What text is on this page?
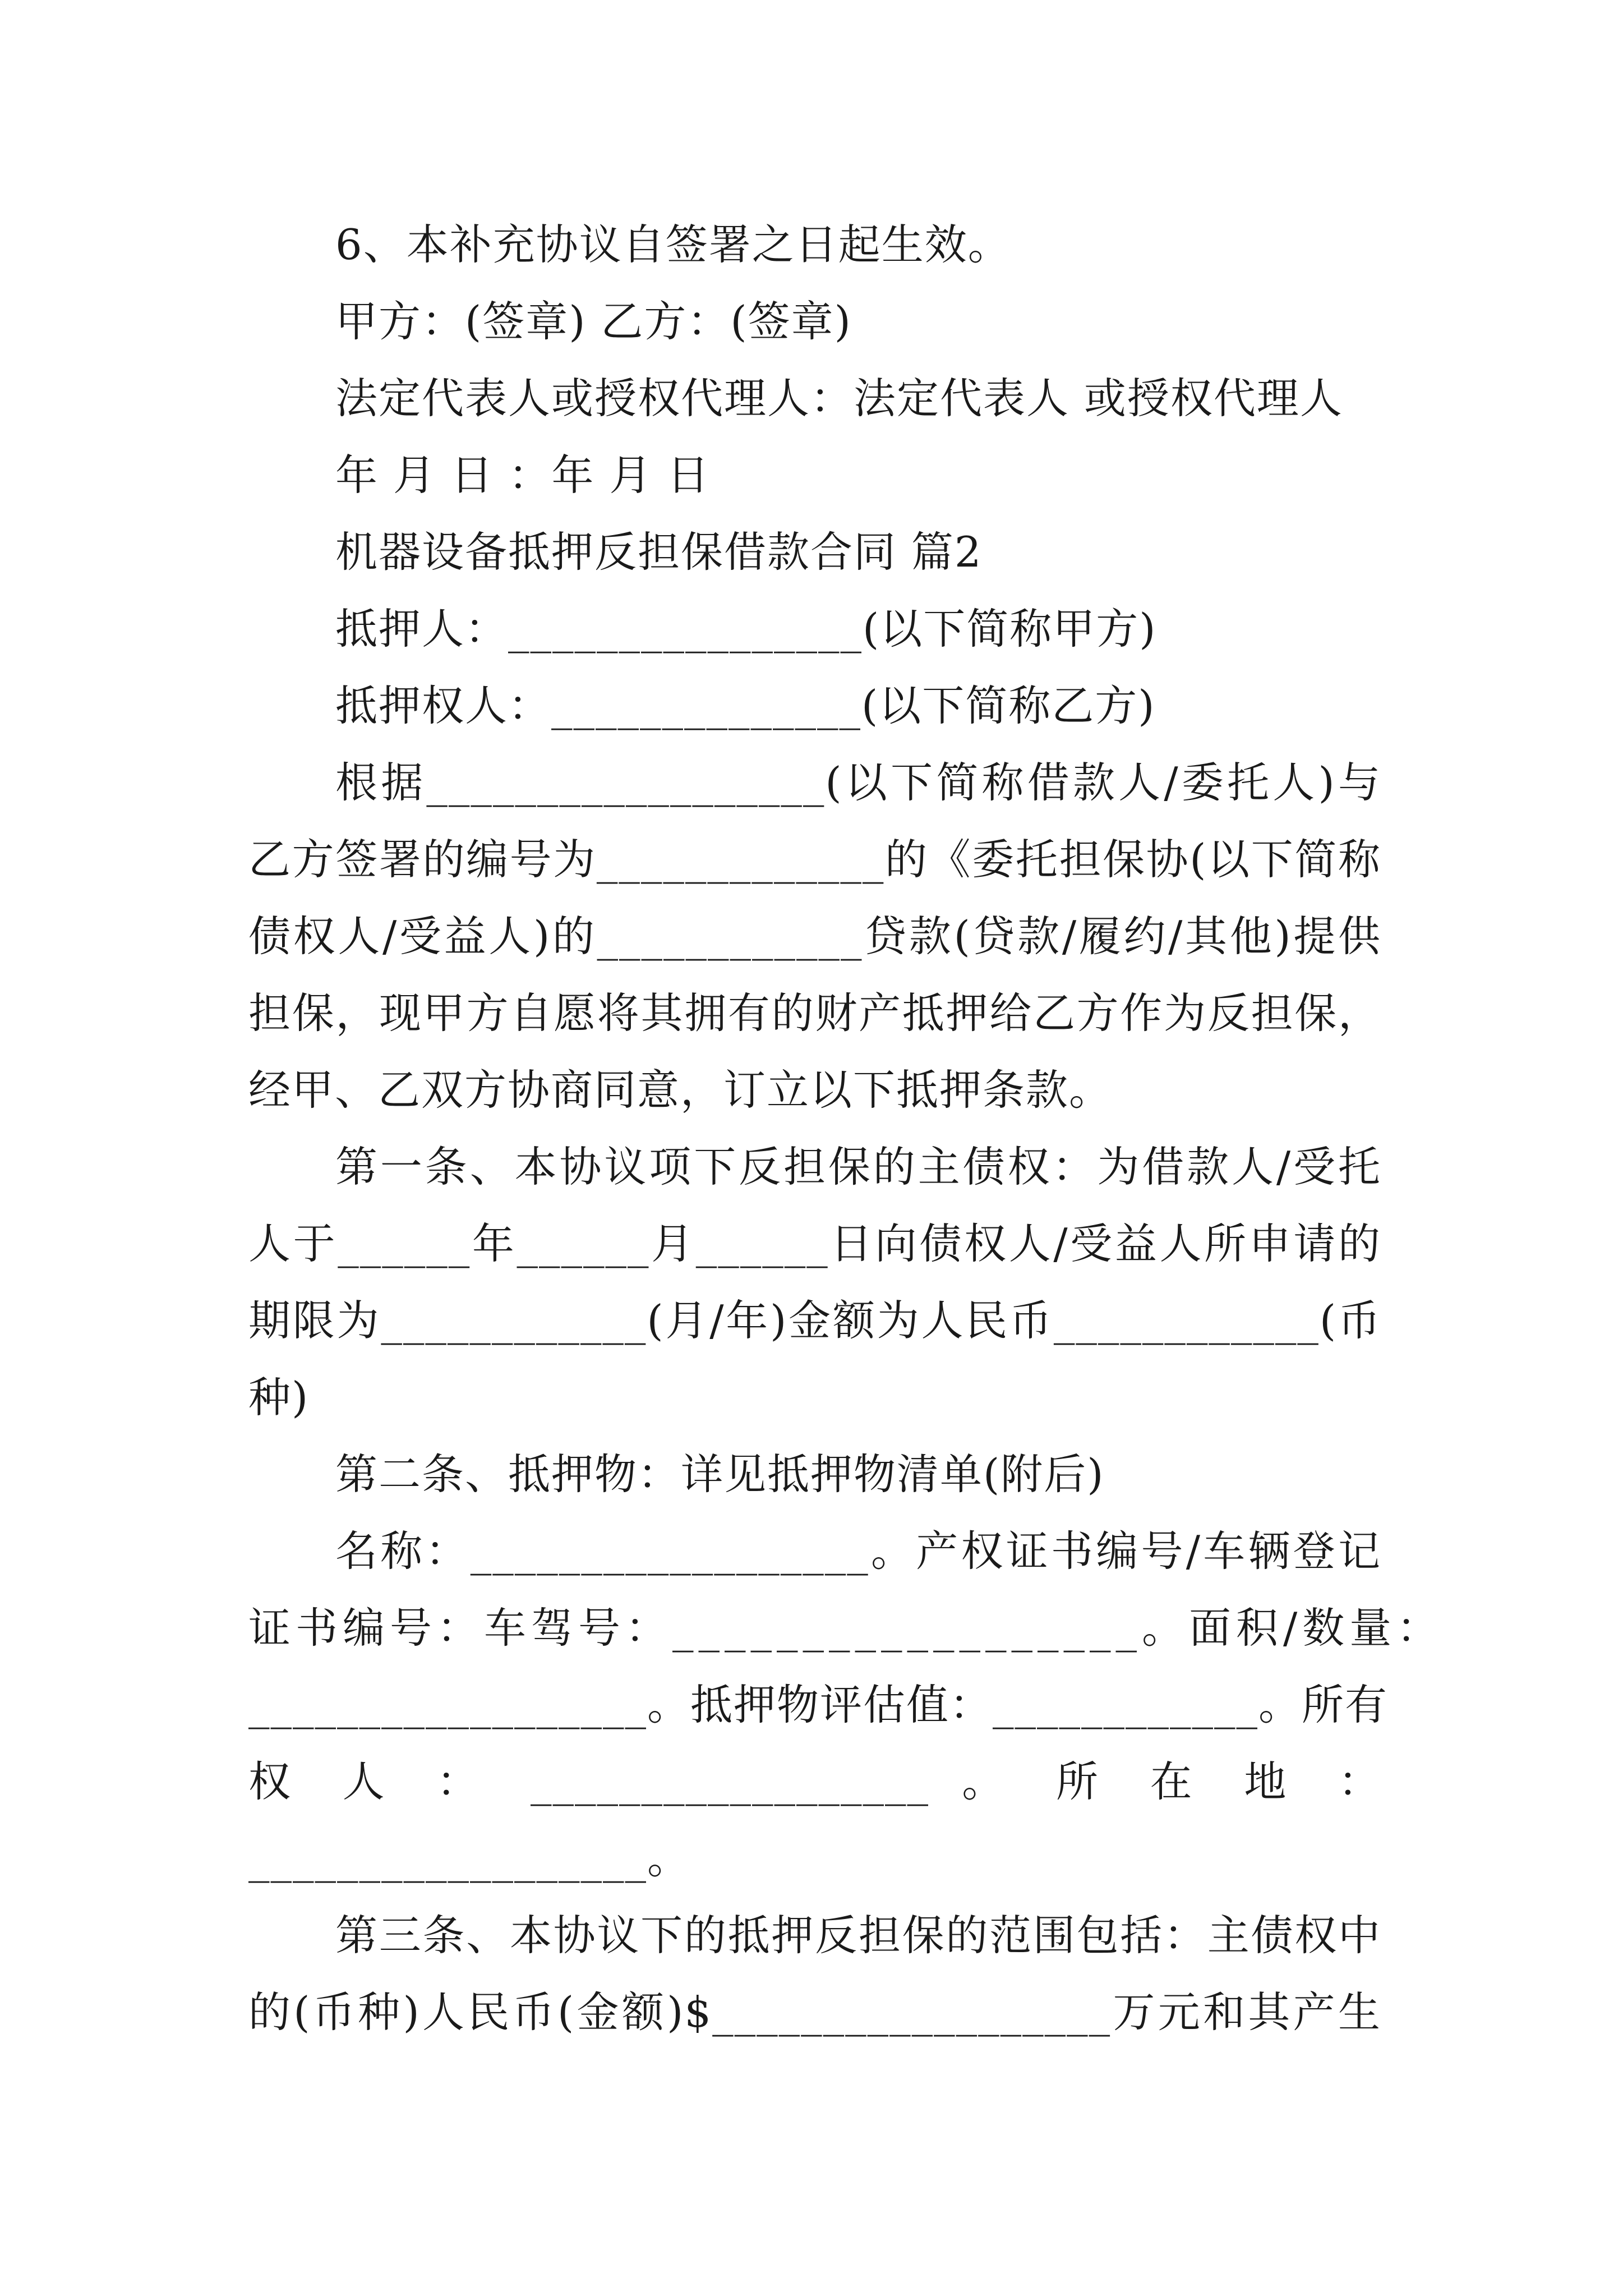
6、本补充协议自签署之日起生效。
甲方：(签章) 乙方：(签章)
法定代表人或授权代理人：法定代表人 或授权代理人
年 月 日 ：年 月 日
机器设备抵押反担保借款合同 篇2
抵押人：________________(以下简称甲方)
抵押权人：______________(以下简称乙方)
根据__________________(以下简称借款人/委托人)与
乙方签署的编号为_____________的《委托担保协(以下简称
债权人/受益人)的____________贷款(贷款/履约/其他)提供
担保，现甲方自愿将其拥有的财产抵押给乙方作为反担保，
经甲、乙双方协商同意，订立以下抵押条款。
第一条、本协议项下反担保的主债权：为借款人/受托
人于______年______月______日向债权人/受益人所申请的
期限为____________(月/年)金额为人民币____________(币
种)
第二条、抵押物：详见抵押物清单(附后)
名称：__________________。产权证书编号/车辆登记
证书编号：车驾号：__________________。面积/数量：
__________________。抵押物评估值：____________。所有
权 人 ： __________________ 。 所 在 地 ：
__________________。
第三条、本协议下的抵押反担保的范围包括：主债权中
的(币种)人民币(金额)$__________________万元和其产生
